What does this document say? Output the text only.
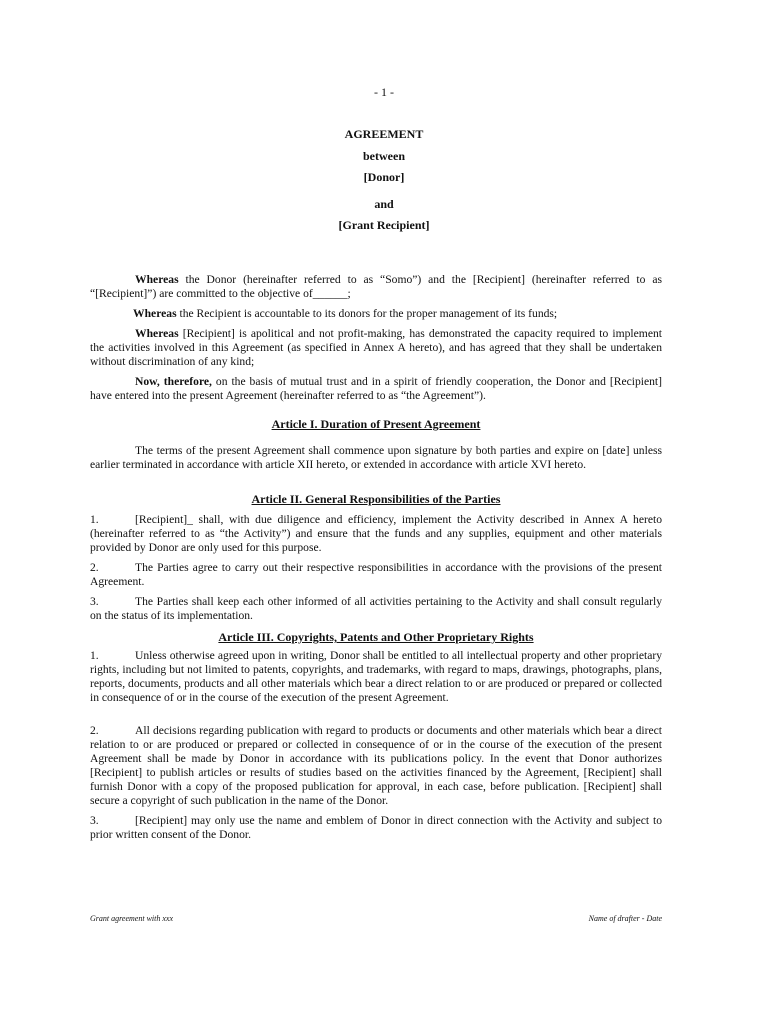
- 1 -
AGREEMENT
between
[Donor]
and
[Grant Recipient]

Whereas the Donor (hereinafter referred to as “Somo”) and the [Recipient] (hereinafter referred to as “[Recipient]”) are committed to the objective of______;

Whereas the Recipient is accountable to its donors for the proper management of its funds;

Whereas [Recipient] is apolitical and not profit-making, has demonstrated the capacity required to implement the activities involved in this Agreement (as specified in Annex A hereto), and has agreed that they shall be undertaken without discrimination of any kind;

Now, therefore, on the basis of mutual trust and in a spirit of friendly cooperation, the Donor and [Recipient] have entered into the present Agreement (hereinafter referred to as “the Agreement”).

Article I. Duration of Present Agreement

The terms of the present Agreement shall commence upon signature by both parties and expire on [date] unless earlier terminated in accordance with article XII hereto, or extended in accordance with article XVI hereto.

Article II. General Responsibilities of the Parties

1.	[Recipient]_ shall, with due diligence and efficiency, implement the Activity described in Annex A hereto (hereinafter referred to as “the Activity”) and ensure that the funds and any supplies, equipment and other materials provided by Donor are only used for this purpose.

2.	The Parties agree to carry out their respective responsibilities in accordance with the provisions of the present Agreement.

3.	The Parties shall keep each other informed of all activities pertaining to the Activity and shall consult regularly on the status of its implementation.

Article III. Copyrights, Patents and Other Proprietary Rights

1.	Unless otherwise agreed upon in writing, Donor shall be entitled to all intellectual property and other proprietary rights, including but not limited to patents, copyrights, and trademarks, with regard to maps, drawings, photographs, plans, reports, documents, products and all other materials which bear a direct relation to or are produced or prepared or collected in consequence of or in the course of the execution of the present Agreement.

2.	All decisions regarding publication with regard to products or documents and other materials which bear a direct relation to or are produced or prepared or collected in consequence of or in the course of the execution of the present Agreement shall be made by Donor in accordance with its publications policy. In the event that Donor authorizes [Recipient] to publish articles or results of studies based on the activities financed by the Agreement, [Recipient] shall furnish Donor with a copy of the proposed publication for approval, in each case, before publication. [Recipient] shall secure a copyright of such publication in the name of the Donor.

3.	[Recipient] may only use the name and emblem of Donor in direct connection with the Activity and subject to prior written consent of the Donor.

Grant agreement with xxx	Name of drafter - Date
